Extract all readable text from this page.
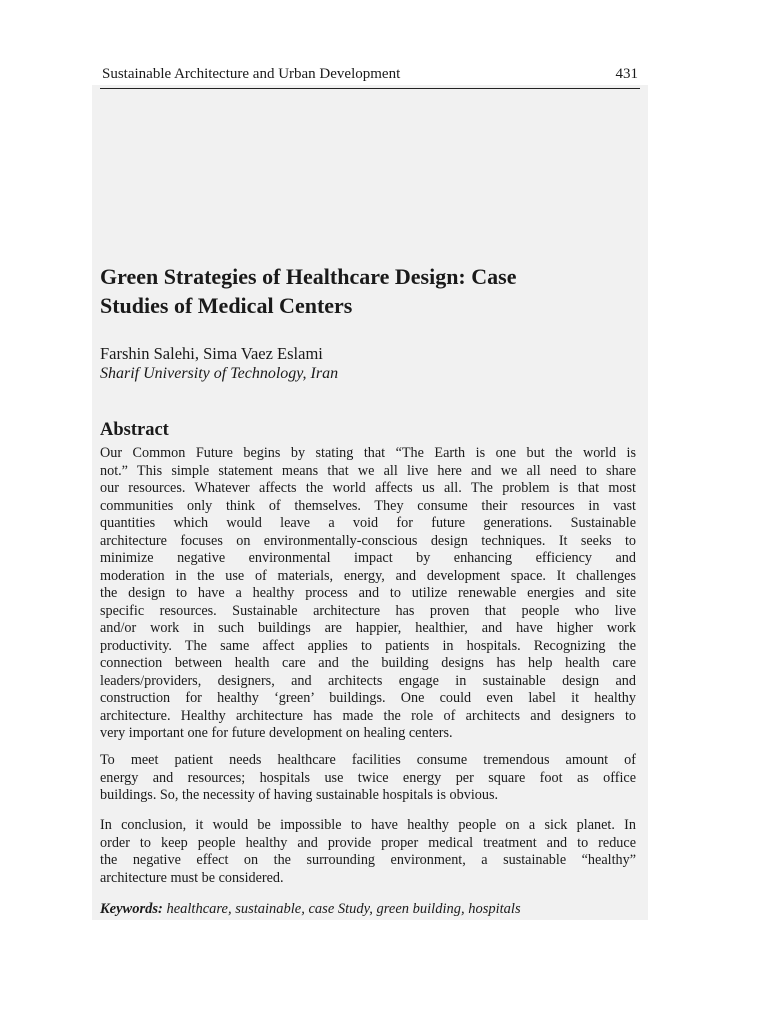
Sustainable Architecture and Urban Development	431
Green Strategies of Healthcare Design: Case
Studies of Medical Centers
Farshin Salehi, Sima Vaez Eslami
Sharif University of Technology, Iran
Abstract
Our Common Future begins by stating that “The Earth is one but the world is
not.” This simple statement means that we all live here and we all need to share
our resources. Whatever affects the world affects us all. The problem is that most
communities only think of themselves. They consume their resources in vast
quantities which would leave a void for future generations. Sustainable
architecture focuses on environmentally-conscious design techniques. It seeks to
minimize negative environmental impact by enhancing efficiency and
moderation in the use of materials, energy, and development space. It challenges
the design to have a healthy process and to utilize renewable energies and site
specific resources. Sustainable architecture has proven that people who live
and/or work in such buildings are happier, healthier, and have higher work
productivity. The same affect applies to patients in hospitals. Recognizing the
connection between health care and the building designs has help health care
leaders/providers, designers, and architects engage in sustainable design and
construction for healthy ‘green’ buildings. One could even label it healthy
architecture. Healthy architecture has made the role of architects and designers to
very important one for future development on healing centers.
To meet patient needs healthcare facilities consume tremendous amount of
energy and resources; hospitals use twice energy per square foot as office
buildings. So, the necessity of having sustainable hospitals is obvious.
In conclusion, it would be impossible to have healthy people on a sick planet. In
order to keep people healthy and provide proper medical treatment and to reduce
the negative effect on the surrounding environment, a sustainable “healthy”
architecture must be considered.
Keywords: healthcare, sustainable, case Study, green building, hospitals
